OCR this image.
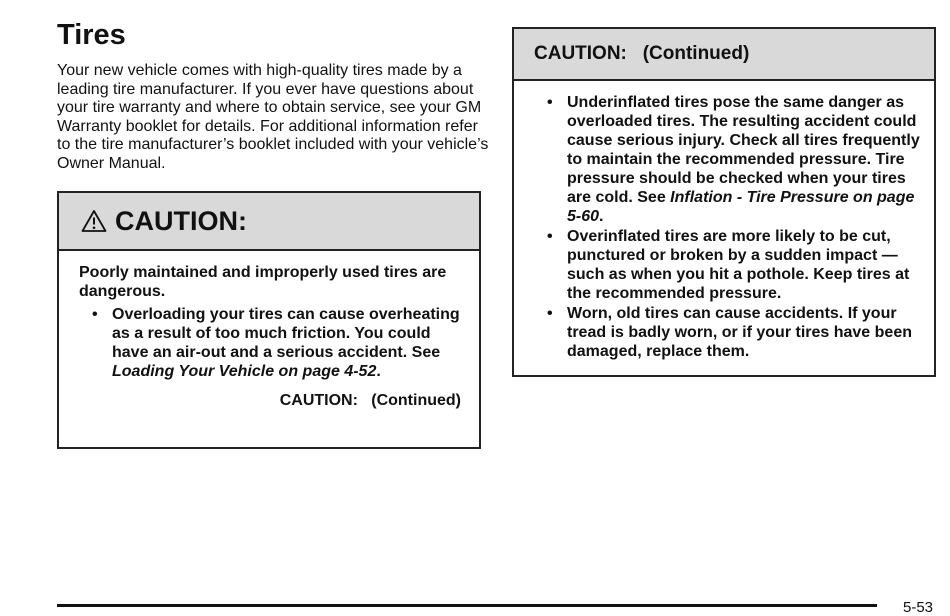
Tires

Your new vehicle comes with high-quality tires made by a leading tire manufacturer. If you ever have questions about your tire warranty and where to obtain service, see your GM Warranty booklet for details. For additional information refer to the tire manufacturer’s booklet included with your vehicle’s Owner Manual.

CAUTION:

Poorly maintained and improperly used tires are dangerous.

• Overloading your tires can cause overheating as a result of too much friction. You could have an air-out and a serious accident. See Loading Your Vehicle on page 4-52.
CAUTION:   (Continued)
CAUTION:   (Continued)
• Underinflated tires pose the same danger as overloaded tires. The resulting accident could cause serious injury. Check all tires frequently to maintain the recommended pressure. Tire pressure should be checked when your tires are cold. See Inflation - Tire Pressure on page 5-60.
• Overinflated tires are more likely to be cut, punctured or broken by a sudden impact — such as when you hit a pothole. Keep tires at the recommended pressure.
• Worn, old tires can cause accidents. If your tread is badly worn, or if your tires have been damaged, replace them.
5-53
